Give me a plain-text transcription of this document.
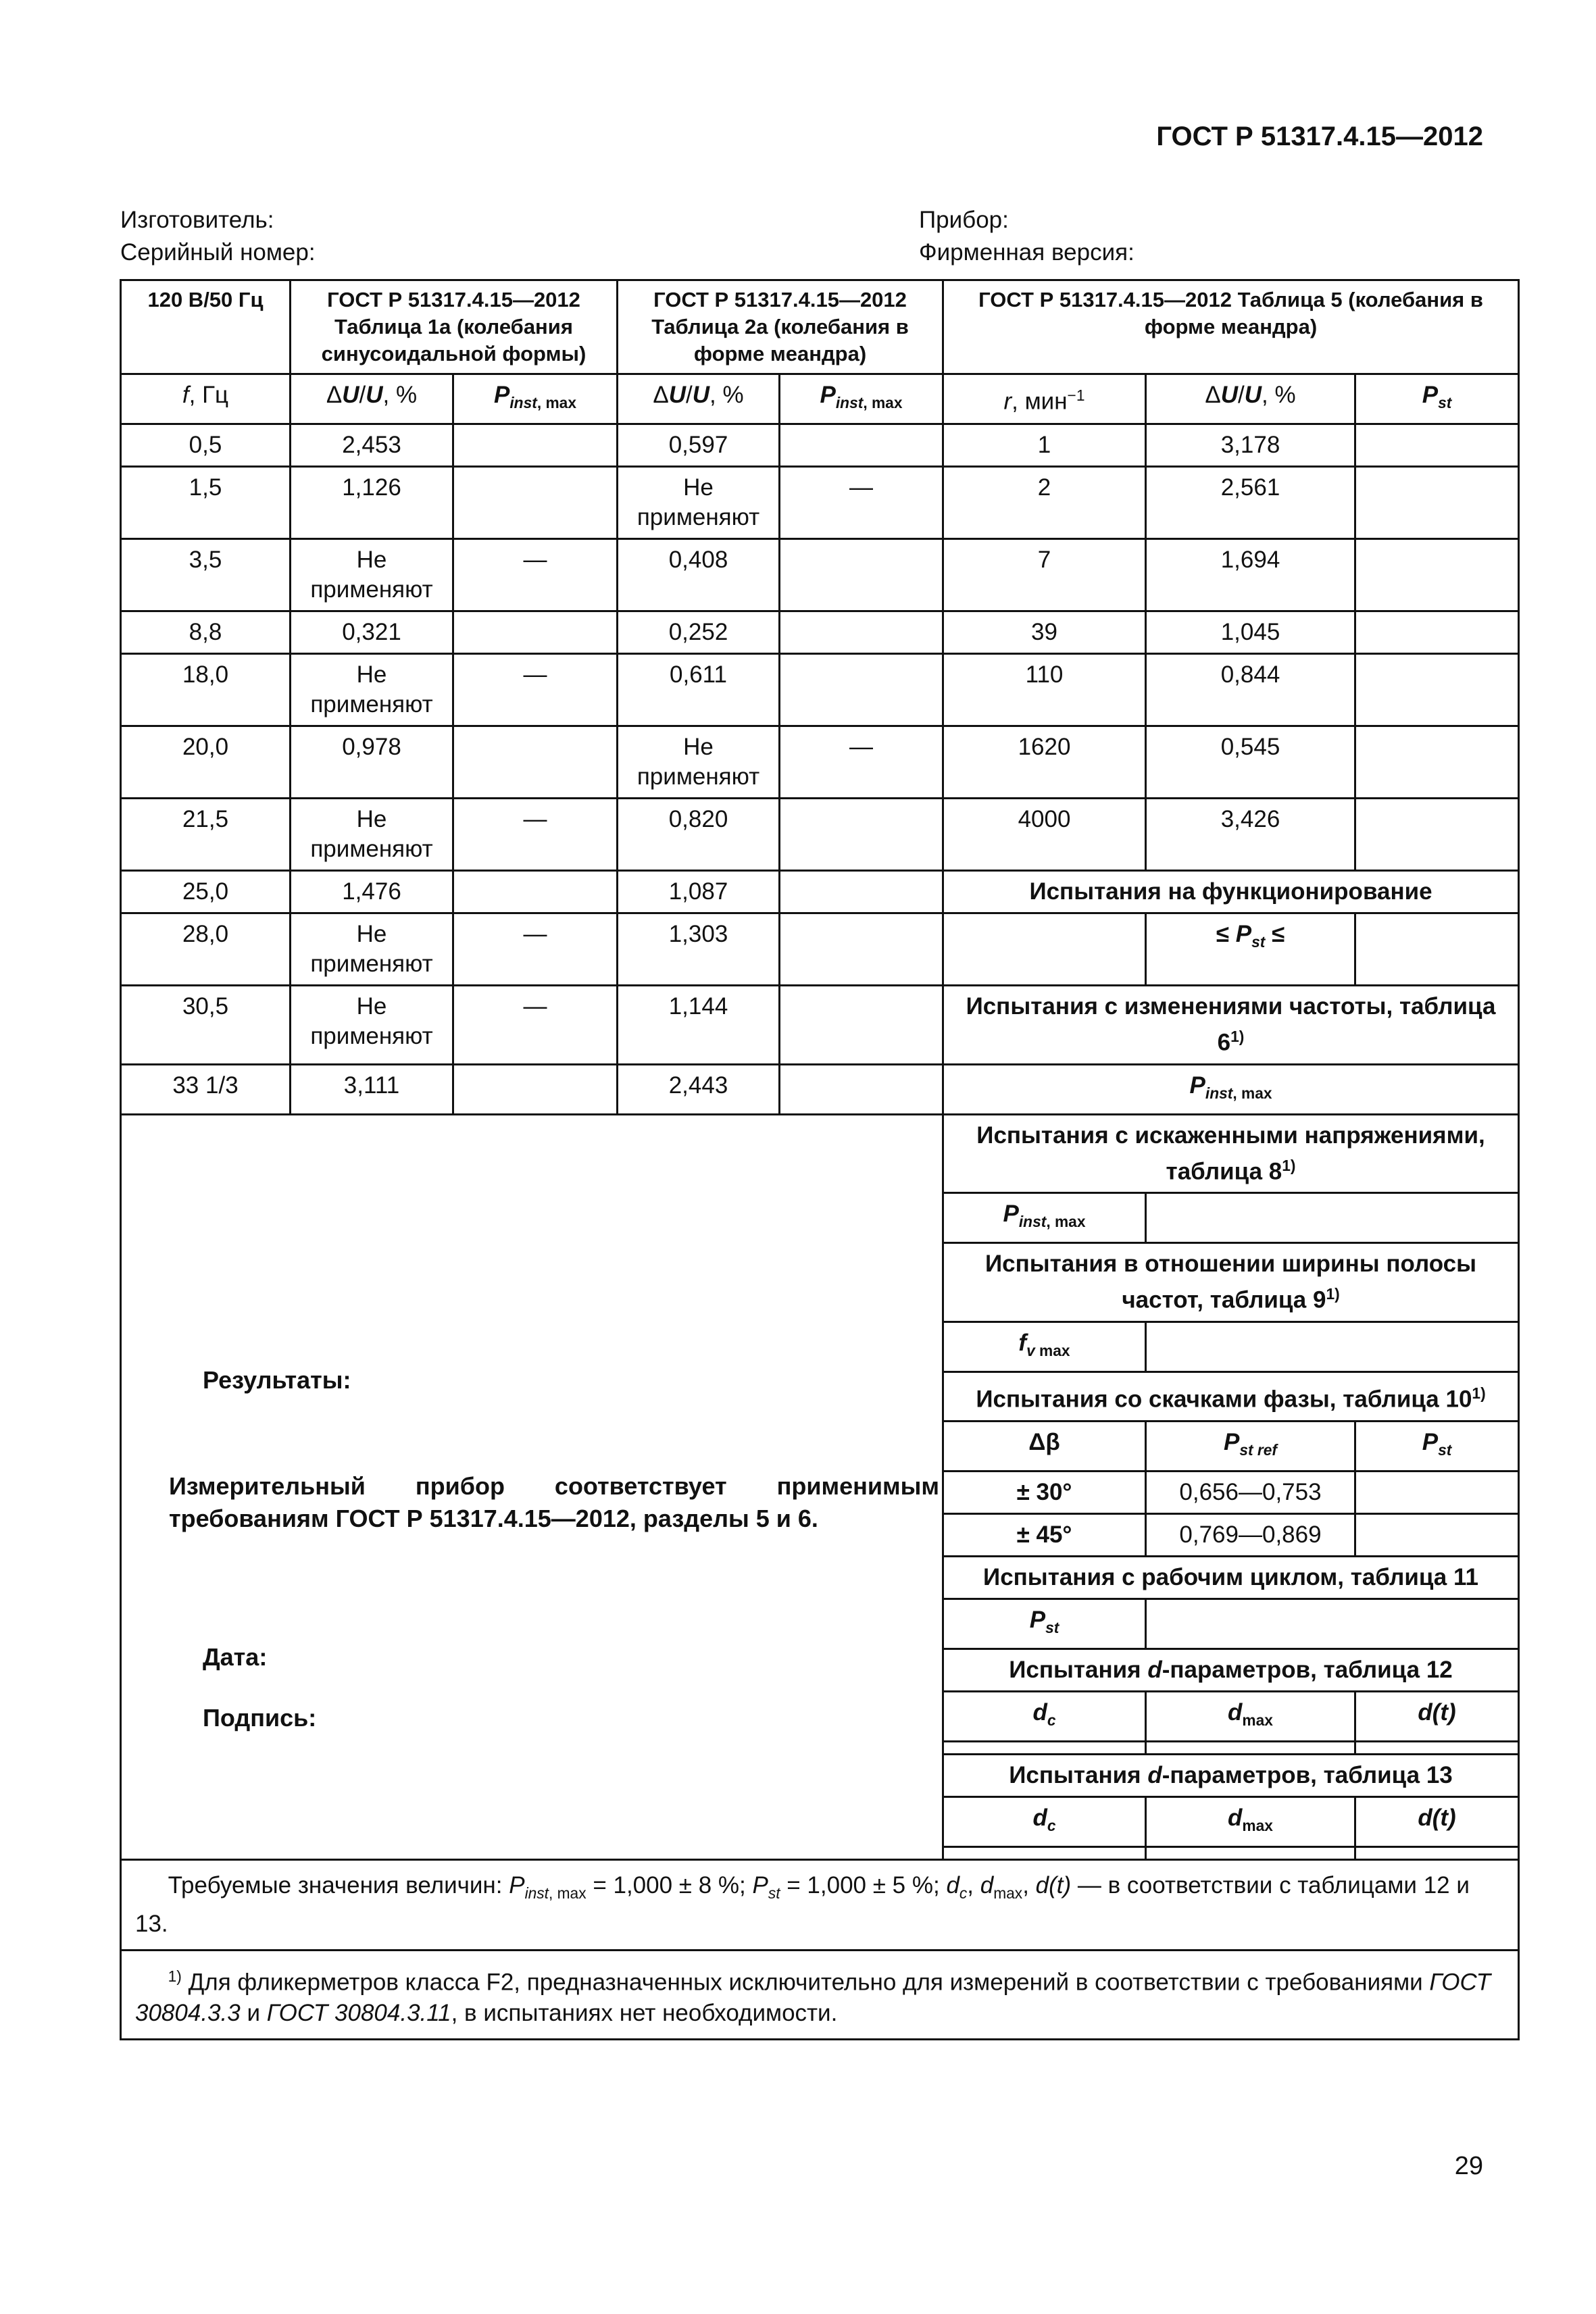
ГОСТ Р 51317.4.15—2012
Изготовитель:
Серийный номер:
Прибор:
Фирменная версия:
120 В/50 Гц	ГОСТ Р 51317.4.15—2012 Таблица 1а (колебания синусоидальной формы)		ГОСТ Р 51317.4.15—2012 Таблица 2а (колебания в форме меандра)		ГОСТ Р 51317.4.15—2012 Таблица 5 (колебания в форме меандра)		
f, Гц	ΔU/U, %	$P_{inst, max}$	ΔU/U, %	$P_{inst, max}$	r, мин$^{-1}$	ΔU/U, %	$P_{st}$
0,5	2,453		0,597		1	3,178	
1,5	1,126		Не применяют	—	2	2,561	
3,5	Не применяют	—	0,408		7	1,694	
8,8	0,321		0,252		39	1,045	
18,0	Не применяют	—	0,611		110	0,844	
20,0	0,978		Не применяют	—	1620	0,545	
21,5	Не применяют	—	0,820		4000	3,426	
25,0	1,476		1,087		Испытания на функционирование		
28,0	Не применяют	—	1,303			≤ $P_{st}$ ≤	
30,5	Не применяют	—	1,144		Испытания с изменениями частоты, таблица 6$^{1)}$
33 1/3	3,111		2,443		$P_{inst, max}$

Результаты:
Измерительный прибор соответствует применимым требованиям ГОСТ Р 51317.4.15—2012, разделы 5 и 6.
Дата:
Подпись:					Испытания с искаженными напряжениями, таблица 8$^{1)}$
					$P_{inst, max}$	
					Испытания в отношении ширины полосы частот, таблица 9$^{1)}$
					$f_{v max}$	
					Испытания со скачками фазы, таблица 10$^{1)}$
					Δβ	$P_{st ref}$	$P_{st}$
					± 30°	0,656—0,753	
					± 45°	0,769—0,869	
					Испытания с рабочим циклом, таблица 11		
					$P_{st}$	
					Испытания d-параметров, таблица 12		
					$d_c$	$d_{max}$	d(t)

					Испытания d-параметров, таблица 13		
					$d_c$	$d_{max}$	d(t)

Требуемые значения величин: $P_{inst, max} = 1,000 \pm 8$ %; $P_{st} = 1,000 \pm 5$ %; $d_c$, $d_{max}$, d(t) — в соответствии с таблицами 12 и 13.							
$^{1)}$ Для фликерметров класса F2, предназначенных исключительно для измерений в соответствии с требованиями ГОСТ 30804.3.3 и ГОСТ 30804.3.11, в испытаниях нет необходимости.							
29
